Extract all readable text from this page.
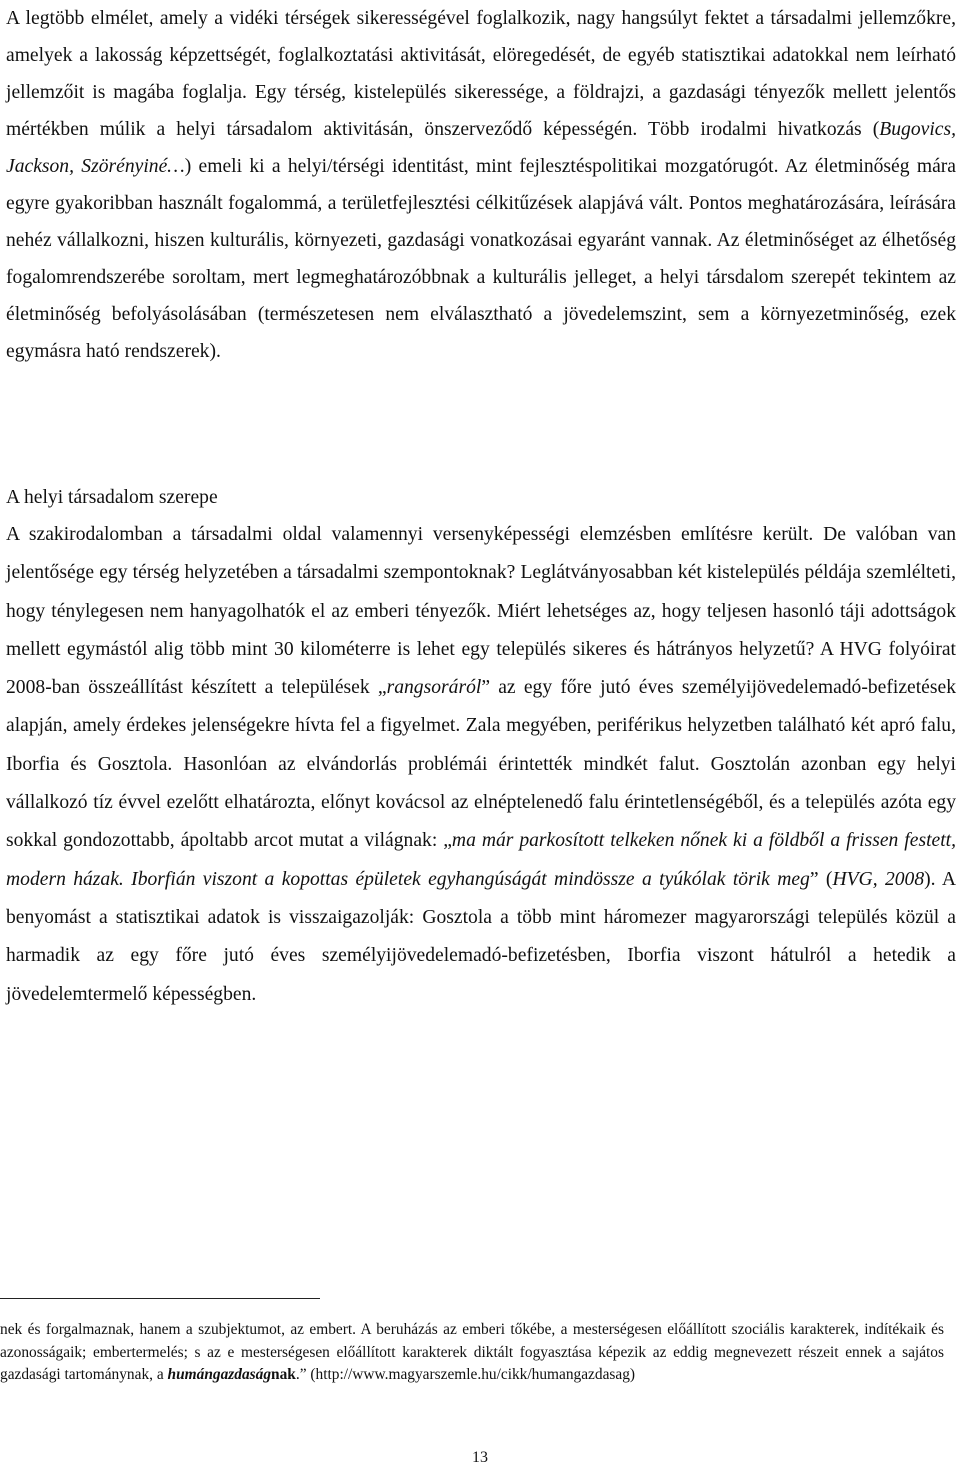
A legtöbb elmélet, amely a vidéki térségek sikerességével foglalkozik, nagy hangsúlyt fektet a társadalmi jellemzőkre, amelyek a lakosság képzettségét, foglalkoztatási aktivitását, elöregedését, de egyéb statisztikai adatokkal nem leírható jellemzőit is magába foglalja. Egy térség, kistelepülés sikeressége, a földrajzi, a gazdasági tényezők mellett jelentős mértékben múlik a helyi társadalom aktivitásán, önszerveződő képességén. Több irodalmi hivatkozás (Bugovics, Jackson, Szörényiné…) emeli ki a helyi/térségi identitást, mint fejlesztéspolitikai mozgatórugót. Az életminőség mára egyre gyakoribban használt fogalommá, a területfejlesztési célkitűzések alapjává vált. Pontos meghatározására, leírására nehéz vállalkozni, hiszen kulturális, környezeti, gazdasági vonatkozásai egyaránt vannak. Az életminőséget az élhetőség fogalomrendszerébe soroltam, mert legmeghatározóbbnak a kulturális jelleget, a helyi társdalom szerepét tekintem az életminőség befolyásolásában (természetesen nem elválasztható a jövedelemszint, sem a környezetminőség, ezek egymásra ható rendszerek).

A helyi társadalom szerepe

A szakirodalomban a társadalmi oldal valamennyi versenyképességi elemzésben említésre került. De valóban van jelentősége egy térség helyzetében a társadalmi szempontoknak? Leglátványosabban két kistelepülés példája szemlélteti, hogy ténylegesen nem hanyagolhatók el az emberi tényezők. Miért lehetséges az, hogy teljesen hasonló táji adottságok mellett egymástól alig több mint 30 kilométerre is lehet egy település sikeres és hátrányos helyzetű? A HVG folyóirat 2008-ban összeállítást készített a települések „rangsoráról” az egy főre jutó éves személyijövedelemadó-befizetések alapján, amely érdekes jelenségekre hívta fel a figyelmet. Zala megyében, periférikus helyzetben található két apró falu, Iborfia és Gosztola. Hasonlóan az elvándorlás problémái érintették mindkét falut. Gosztolán azonban egy helyi vállalkozó tíz évvel ezelőtt elhatározta, előnyt kovácsol az elnéptelenedő falu érintetlenségéből, és a település azóta egy sokkal gondozottabb, ápoltabb arcot mutat a világnak: „ma már parkosított telkeken nőnek ki a földből a frissen festett, modern házak. Iborfián viszont a kopottas épületek egyhangúságát mindössze a tyúkólak törik meg” (HVG, 2008). A benyomást a statisztikai adatok is visszaigazolják: Gosztola a több mint háromezer magyarországi település közül a harmadik az egy főre jutó éves személyijövedelemadó-befizetésben, Iborfia viszont hátulról a hetedik a jövedelemtermelő képességben.

nek és forgalmaznak, hanem a szubjektumot, az embert. A beruházás az emberi tőkébe, a mesterségesen előállított szociális karakterek, indítékaik és azonosságaik; embertermelés; s az e mesterségesen előállított karakterek diktált fogyasztása képezik az eddig megnevezett részeit ennek a sajátos gazdasági tartománynak, a humángazdaságnak.” (http://www.magyarszemle.hu/cikk/humangazdasag)

13
